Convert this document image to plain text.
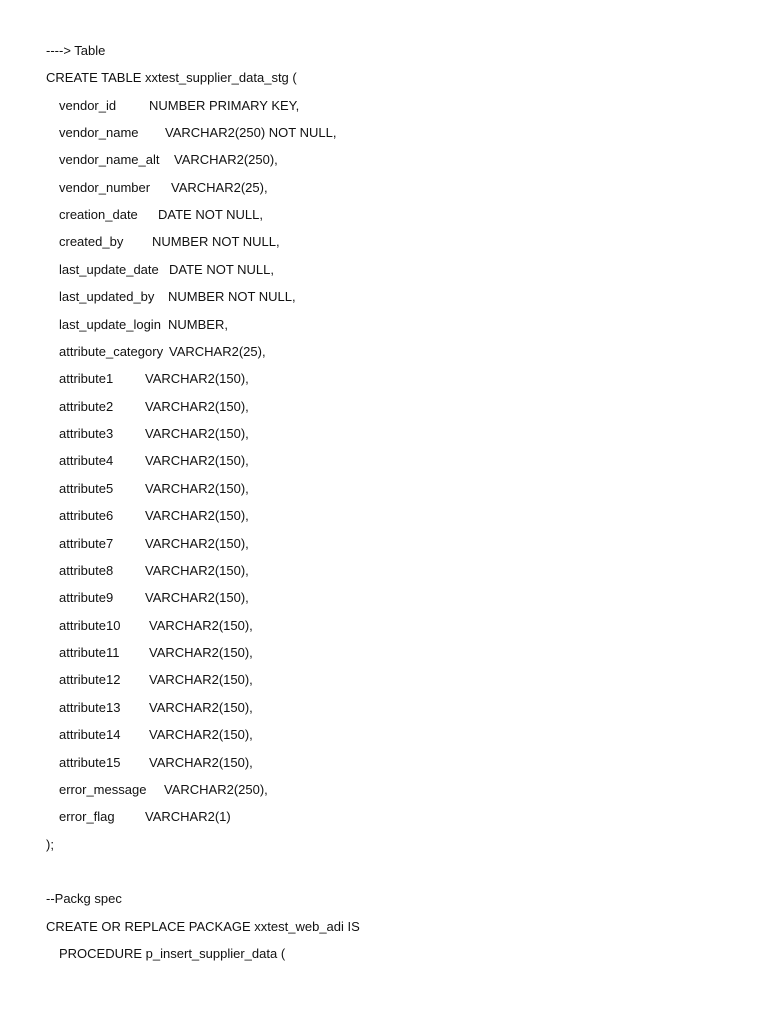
----> Table
CREATE TABLE xxtest_supplier_data_stg (

vendor_id

	NUMBER PRIMARY KEY,

vendor_name

VARCHAR2(250) NOT NULL,

vendor_name_alt

VARCHAR2(250),

vendor_number

VARCHAR2(25),

creation_date

DATE NOT NULL,

created_by

NUMBER NOT NULL,

last_update_date

DATE NOT NULL,

last_updated_by

NUMBER NOT NULL,

last_update_login

NUMBER,

attribute_category

VARCHAR2(25),

attribute1

VARCHAR2(150),

attribute2

VARCHAR2(150),

attribute3

VARCHAR2(150),

attribute4

VARCHAR2(150),

attribute5

VARCHAR2(150),

attribute6

VARCHAR2(150),

attribute7

VARCHAR2(150),

attribute8

VARCHAR2(150),

attribute9

VARCHAR2(150),

attribute10

VARCHAR2(150),

attribute11

VARCHAR2(150),

attribute12

VARCHAR2(150),

attribute13

VARCHAR2(150),

attribute14

VARCHAR2(150),

attribute15

VARCHAR2(150),

error_message

VARCHAR2(250),

error_flag

VARCHAR2(1)

);
--Packg spec
CREATE OR REPLACE PACKAGE xxtest_web_adi IS
PROCEDURE p_insert_supplier_data (
